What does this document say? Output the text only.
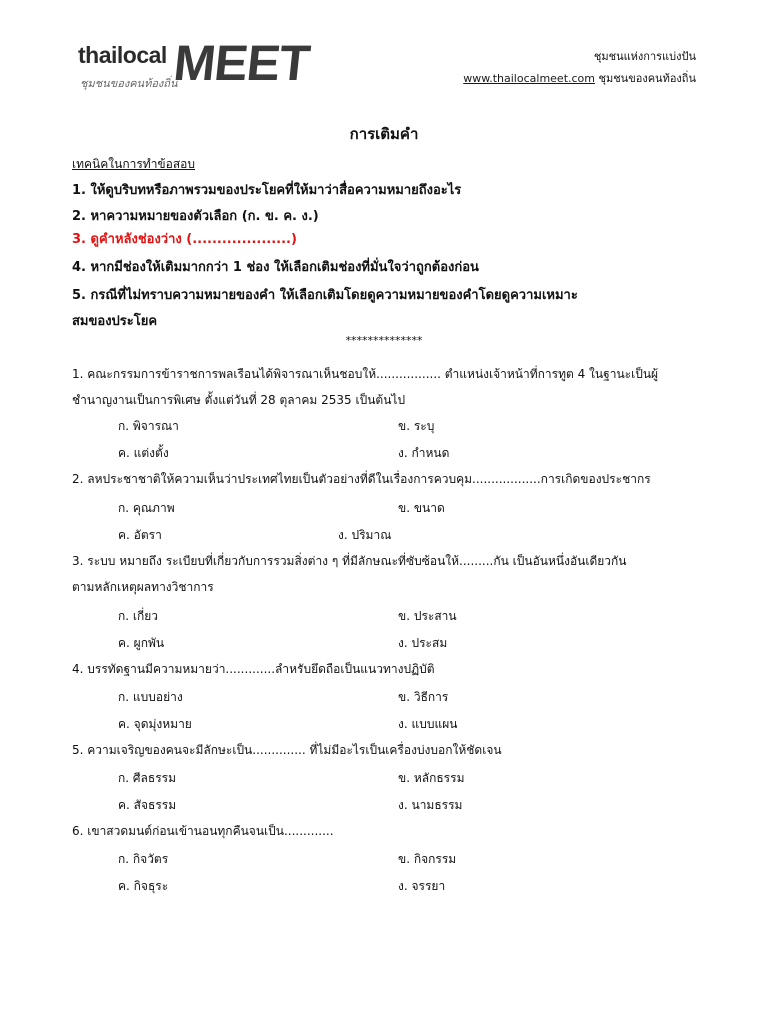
thailocal MEET
ชุมชนของคนท้องถิ่น
ชุมชนแห่งการแบ่งปัน
www.thailocalmeet.com ชุมชนของคนท้องถิ่น
การเติมคำ
เทคนิคในการทำข้อสอบ
1. ให้ดูบริบทหรือภาพรวมของประโยคที่ให้มาว่าสื่อความหมายถึงอะไร
2. หาความหมายของตัวเลือก (ก. ข. ค. ง.)
3. ดูคำหลังช่องว่าง (....................)
4. หากมีช่องให้เติมมากกว่า 1 ช่อง ให้เลือกเติมช่องที่มั่นใจว่าถูกต้องก่อน
5. กรณีที่ไม่ทราบความหมายของคำ ให้เลือกเติมโดยดูความหมายของคำโดยดูความเหมาะ
สมของประโยค
**************
1. คณะกรรมการข้าราชการพลเรือนได้พิจารณาเห็นชอบให้................. ตำแหน่งเจ้าหน้าที่การทูต 4 ในฐานะเป็นผู้
ชำนาญงานเป็นการพิเศษ ตั้งแต่วันที่ 28 ตุลาคม 2535 เป็นต้นไป
ก. พิจารณา	ข. ระบุ
ค. แต่งตั้ง	ง. กำหนด
2. ลหประชาชาติให้ความเห็นว่าประเทศไทยเป็นตัวอย่างที่ดีในเรื่องการควบคุม..................การเกิดของประชากร
ก. คุณภาพ	ข. ขนาด
ค. อัตรา	ง. ปริมาณ
3. ระบบ หมายถึง ระเบียบที่เกี่ยวกับการรวมสิ่งต่าง ๆ ที่มีลักษณะที่ซับซ้อนให้.........กัน เป็นอันหนึ่งอันเดียวกัน
ตามหลักเหตุผลทางวิชาการ
ก. เกี่ยว	ข. ประสาน
ค. ผูกพัน	ง. ประสม
4. บรรทัดฐานมีความหมายว่า.............ลำหรับยึดถือเป็นแนวทางปฏิบัติ
ก. แบบอย่าง	ข. วิธีการ
ค. จุดมุ่งหมาย	ง. แบบแผน
5. ความเจริญของคนจะมีลักษะเป็น.............. ที่ไม่มีอะไรเป็นเครื่องบ่งบอกให้ชัดเจน
ก. ศีลธรรม	ข. หลักธรรม
ค. สัจธรรม	ง. นามธรรม
6. เขาสวดมนต์ก่อนเข้านอนทุกคืนจนเป็น.............
ก. กิจวัตร	ข. กิจกรรม
ค. กิจธุระ	ง. จรรยา
